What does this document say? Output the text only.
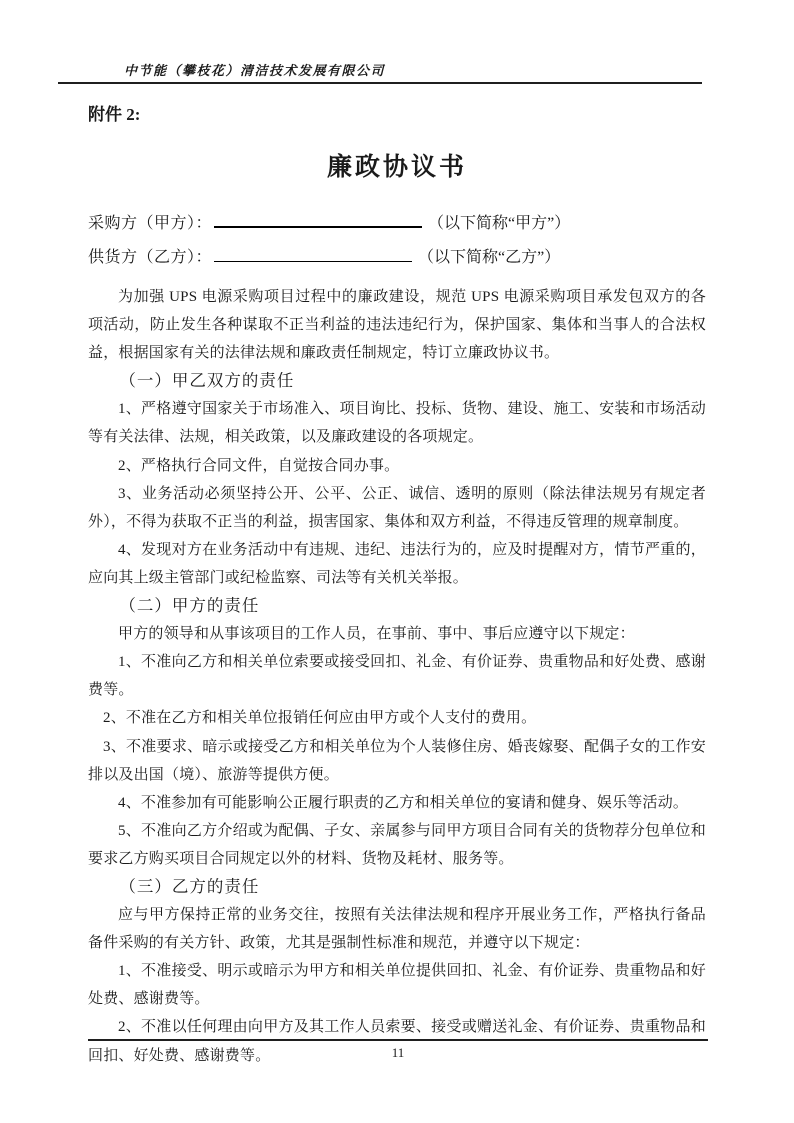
中节能（攀枝花）清洁技术发展有限公司
附件 2:
廉政协议书
采购方（甲方）：	（以下简称“甲方”）
供货方（乙方）：	（以下简称“乙方”）

为加强 UPS 电源采购项目过程中的廉政建设，规范 UPS 电源采购项目承发包双方的各项活动，防止发生各种谋取不正当利益的违法违纪行为，保护国家、集体和当事人的合法权益，根据国家有关的法律法规和廉政责任制规定，特订立廉政协议书。

（一）甲乙双方的责任

1、严格遵守国家关于市场准入、项目询比、投标、货物、建设、施工、安装和市场活动等有关法律、法规，相关政策，以及廉政建设的各项规定。

2、严格执行合同文件，自觉按合同办事。

3、业务活动必须坚持公开、公平、公正、诚信、透明的原则（除法律法规另有规定者外），不得为获取不正当的利益，损害国家、集体和双方利益，不得违反管理的规章制度。

4、发现对方在业务活动中有违规、违纪、违法行为的，应及时提醒对方，情节严重的，应向其上级主管部门或纪检监察、司法等有关机关举报。

（二）甲方的责任

甲方的领导和从事该项目的工作人员，在事前、事中、事后应遵守以下规定：

1、不准向乙方和相关单位索要或接受回扣、礼金、有价证券、贵重物品和好处费、感谢费等。

2、不准在乙方和相关单位报销任何应由甲方或个人支付的费用。

3、不准要求、暗示或接受乙方和相关单位为个人装修住房、婚丧嫁娶、配偶子女的工作安排以及出国（境）、旅游等提供方便。

4、不准参加有可能影响公正履行职责的乙方和相关单位的宴请和健身、娱乐等活动。

5、不准向乙方介绍或为配偶、子女、亲属参与同甲方项目合同有关的货物荐分包单位和要求乙方购买项目合同规定以外的材料、货物及耗材、服务等。

（三）乙方的责任

应与甲方保持正常的业务交往，按照有关法律法规和程序开展业务工作，严格执行备品备件采购的有关方针、政策，尤其是强制性标准和规范，并遵守以下规定：

1、不准接受、明示或暗示为甲方和相关单位提供回扣、礼金、有价证券、贵重物品和好处费、感谢费等。

2、不准以任何理由向甲方及其工作人员索要、接受或赠送礼金、有价证券、贵重物品和回扣、好处费、感谢费等。	11
